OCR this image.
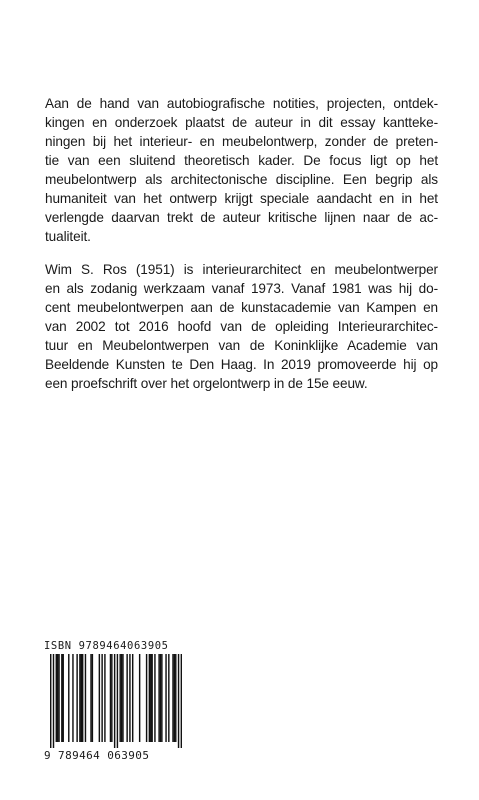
Aan de hand van autobiografische notities, projecten, ontdek-
kingen en onderzoek plaatst de auteur in dit essay kantteke-
ningen bij het interieur- en meubelontwerp, zonder de preten-
tie van een sluitend theoretisch kader. De focus ligt op het
meubelontwerp als architectonische discipline. Een begrip als
humaniteit van het ontwerp krijgt speciale aandacht en in het
verlengde daarvan trekt de auteur kritische lijnen naar de ac-
tualiteit.
Wim S. Ros (1951) is interieurarchitect en meubelontwerper
en als zodanig werkzaam vanaf 1973. Vanaf 1981 was hij do-
cent meubelontwerpen aan de kunstacademie van Kampen en
van 2002 tot 2016 hoofd van de opleiding Interieurarchitec-
tuur en Meubelontwerpen van de Koninklijke Academie van
Beeldende Kunsten te Den Haag. In 2019 promoveerde hij op
een proefschrift over het orgelontwerp in de 15e eeuw.
ISBN 9789464063905
9 789464 063905
